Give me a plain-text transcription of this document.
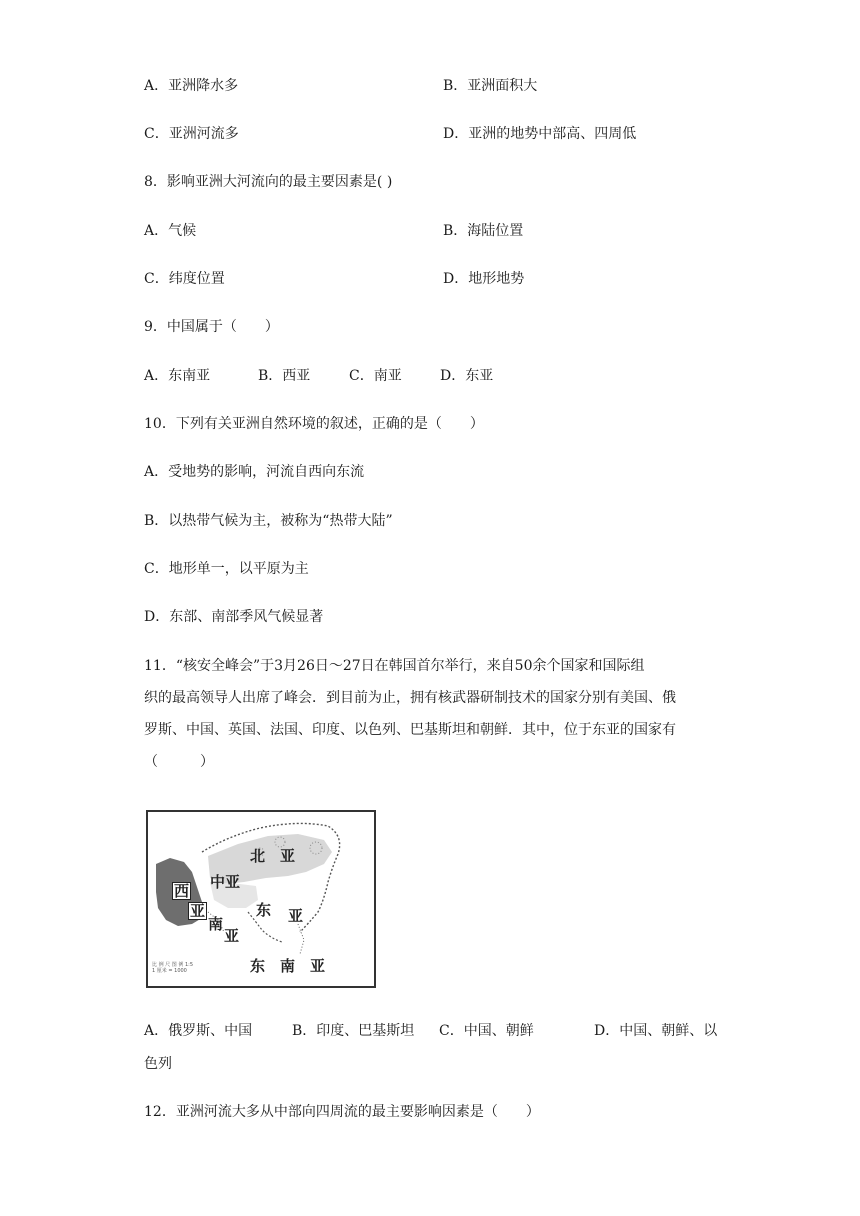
A．亚洲降水多	B．亚洲面积大
C．亚洲河流多	D．亚洲的地势中部高、四周低
8．影响亚洲大河流向的最主要因素是( )
A．气候	B．海陆位置
C．纬度位置	D．地形地势
9．中国属于（　　）
A．东南亚	B．西亚	C．南亚	D．东亚
10．下列有关亚洲自然环境的叙述，正确的是（　　）
A．受地势的影响，河流自西向东流
B．以热带气候为主，被称为“热带大陆”
C．地形单一，以平原为主
D．东部、南部季风气候显著
11．“核安全峰会”于3月26日～27日在韩国首尔举行，来自50余个国家和国际组
织的最高领导人出席了峰会．到目前为止，拥有核武器研制技术的国家分别有美国、俄
罗斯、中国、英国、法国、印度、以色列、巴基斯坦和朝鲜．其中，位于东亚的国家有
（　　　）
北　亚
中亚
西
亚	东 亚
南
亚
东　南　亚
比 例 尺 图 例 1:5
1 厘米 = 1000
A．俄罗斯、中国	B．印度、巴基斯坦 C．中国、朝鲜	D．中国、朝鲜、以
色列
12．亚洲河流大多从中部向四周流的最主要影响因素是（　　）
